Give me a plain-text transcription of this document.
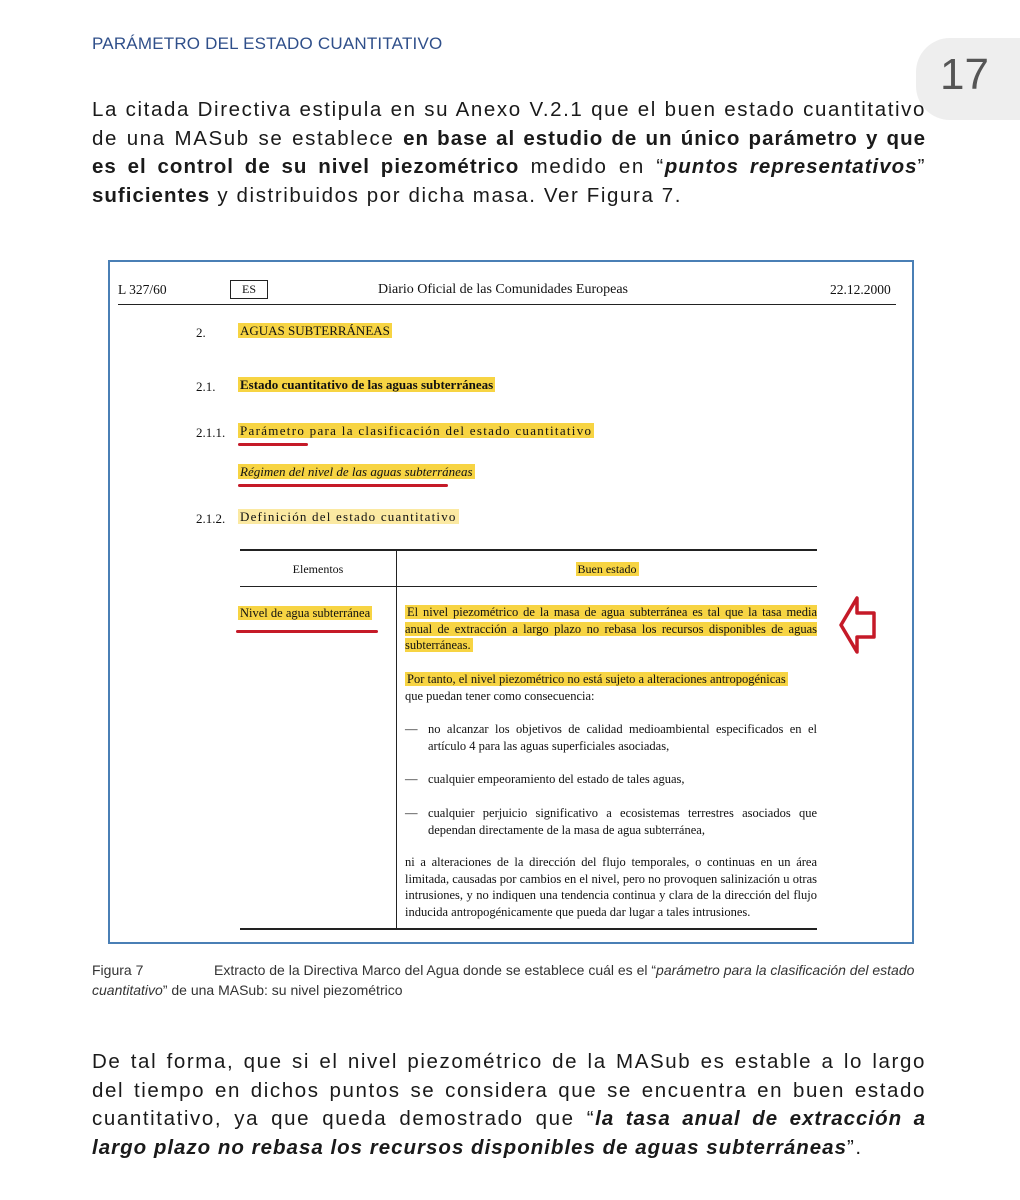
PARÁMETRO DEL ESTADO CUANTITATIVO
17
La citada Directiva estipula en su Anexo V.2.1 que el buen estado cuantitativo de una MASub se establece en base al estudio de un único parámetro y que es el control de su nivel piezométrico medido en “puntos representativos” suficientes y distribuidos por dicha masa. Ver Figura 7.
L 327/60	ES	Diario Oficial de las Comunidades Europeas	22.12.2000
2.	AGUAS SUBTERRÁNEAS
2.1. Estado cuantitativo de las aguas subterráneas
2.1.1. Parámetro para la clasificación del estado cuantitativo
Régimen del nivel de las aguas subterráneas
2.1.2. Definición del estado cuantitativo
Elementos	Buen estado
Nivel de agua subterránea	El nivel piezométrico de la masa de agua subterránea es tal que la tasa media anual de extracción a largo plazo no rebasa los recursos disponibles de aguas subterráneas.
Por tanto, el nivel piezométrico no está sujeto a alteraciones antropogénicas
que puedan tener como consecuencia:
— no alcanzar los objetivos de calidad medioambiental especificados en el artículo 4 para las aguas superficiales asociadas,
— cualquier empeoramiento del estado de tales aguas,
— cualquier perjuicio significativo a ecosistemas terrestres asociados que dependan directamente de la masa de agua subterránea,
ni a alteraciones de la dirección del flujo temporales, o continuas en un área limitada, causadas por cambios en el nivel, pero no provoquen salinización u otras intrusiones, y no indiquen una tendencia continua y clara de la dirección del flujo inducida antropogénicamente que pueda dar lugar a tales intrusiones.
Figura 7	Extracto de la Directiva Marco del Agua donde se establece cuál es el “parámetro para la clasificación del estado cuantitativo” de una MASub: su nivel piezométrico
De tal forma, que si el nivel piezométrico de la MASub es estable a lo largo del tiempo en dichos puntos se considera que se encuentra en buen estado cuantitativo, ya que queda demostrado que “la tasa anual de extracción a largo plazo no rebasa los recursos disponibles de aguas subterráneas”.
